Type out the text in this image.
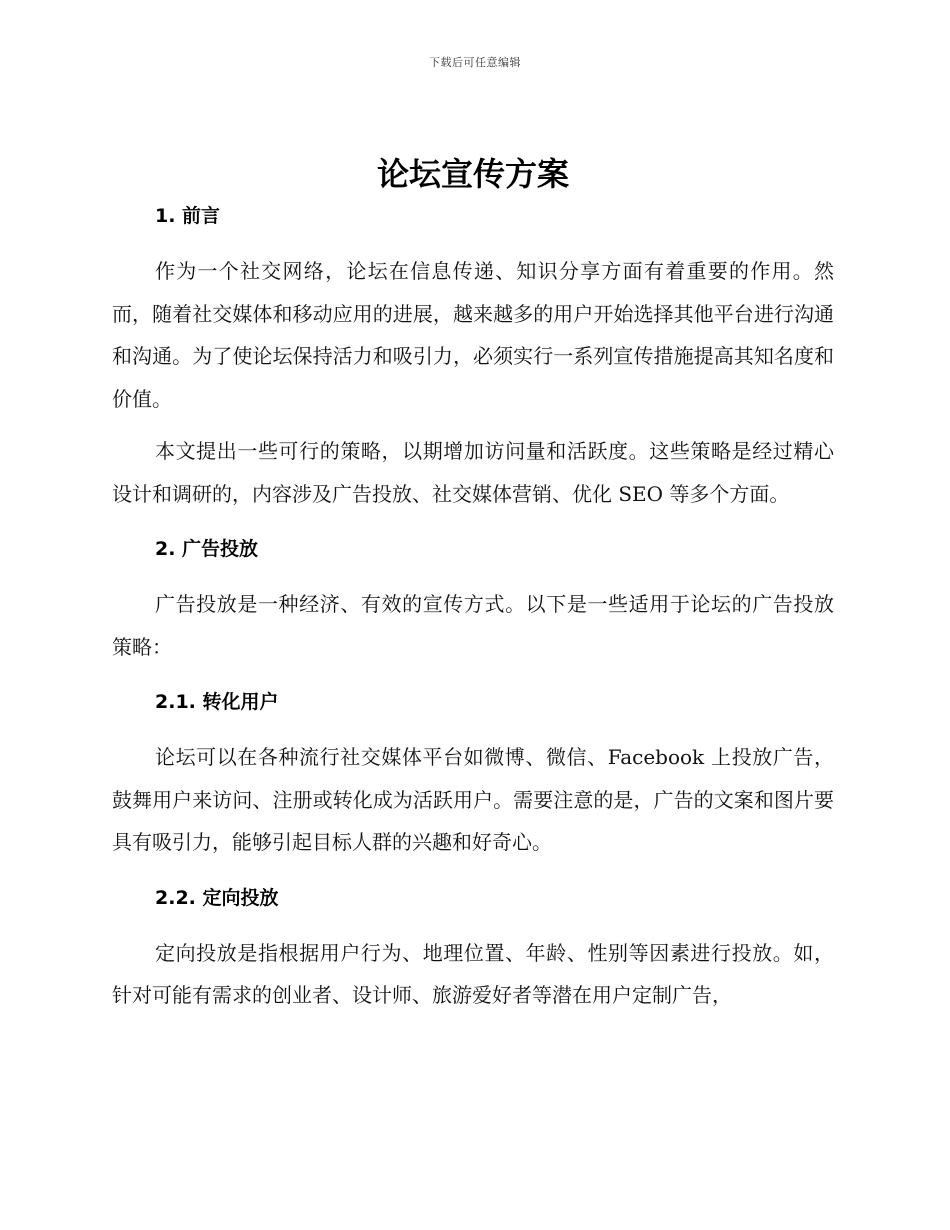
下载后可任意编辑
论坛宣传方案
1. 前言

作为一个社交网络，论坛在信息传递、知识分享方面有着重要的作用。然而，随着社交媒体和移动应用的进展，越来越多的用户开始选择其他平台进行沟通和沟通。为了使论坛保持活力和吸引力，必须实行一系列宣传措施提高其知名度和价值。

本文提出一些可行的策略，以期增加访问量和活跃度。这些策略是经过精心设计和调研的，内容涉及广告投放、社交媒体营销、优化 SEO 等多个方面。

2. 广告投放

广告投放是一种经济、有效的宣传方式。以下是一些适用于论坛的广告投放策略：

2.1. 转化用户

论坛可以在各种流行社交媒体平台如微博、微信、Facebook 上投放广告，鼓舞用户来访问、注册或转化成为活跃用户。需要注意的是，广告的文案和图片要具有吸引力，能够引起目标人群的兴趣和好奇心。

2.2. 定向投放

定向投放是指根据用户行为、地理位置、年龄、性别等因素进行投放。如，针对可能有需求的创业者、设计师、旅游爱好者等潜在用户定制广告，
